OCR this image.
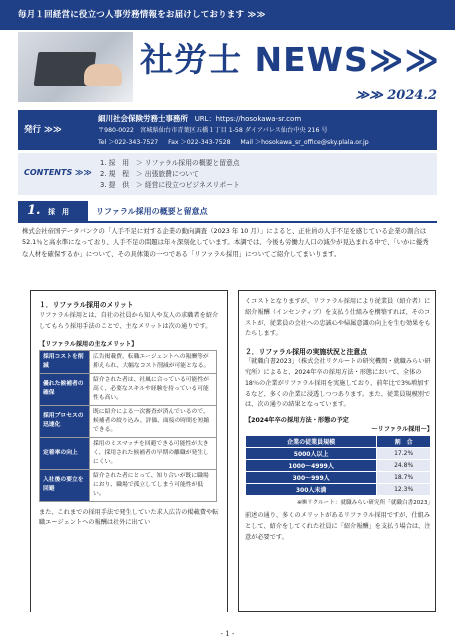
毎月１回経営に役立つ人事労務情報をお届けしております ≫≫
社労士 NEWS≫≫
≫≫ 2024.2
発行 ≫≫
細川社会保険労務士事務所 URL：https://hosokawa-sr.com
〒980-0022　宮城県仙台市青葉区五橋１丁目 1-58 ダイアパレス仙台中央 216 号
Tel ＞022-343-7527 Fax ＞022-343-7528 Mail ＞hosokawa_sr_office@sky.plala.or.jp
CONTENTS ≫≫
1. 採　用　＞ リファラル採用の概要と留意点
2. 規　程　＞ 出張旅費について
3. 提　供　＞ 経営に役立つビジネスリポート
1. 採　用	リファラル採用の概要と留意点

株式会社帝国データバンクの「人手不足に対する企業の動向調査（2023 年 10 月）」によると、正社員の人手不足を感じている企業の割合は 52.1％と高水準になっており、人手不足の問題は年々深刻化しています。本調では、今後も労働力人口の減少が見込まれる中で、「いかに優秀な人材を確保するか」について、その具体策の一つである「リファラル採用」についてご紹介してまいります。

１．リファラル採用のメリット

リファラル採用とは、自社の社員から知人や友人の求職者を紹介してもらう採用手法のことで、主なメリットは次の通りです。

【リファラル採用の主なメリット】
採用コストを削減	広告掲載費、転職エージェントへの報酬等が抑えられ、大幅なコスト削減が可能となる。
優れた候補者の確保	紹介された者は、社風に合っている可能性が高く、必要なスキルや経験を持っている可能性も高い。
採用プロセスの迅速化	既に紹介による一次審査が済んでいるので、候補者の絞り込み、評価、面接の時間を短縮できる。
定着率の向上	採用のミスマッチを回避できる可能性が大きく、採用された候補者の早期の離職が発生しにくい。
入社後の要立を回避	紹介された者にとって、知り合いが既に職場におり、職場で孤立してしまう可能性が低い。

また、これまでの採用手法で発生していた求人広告の掲載費や転職エージェントへの報酬は社外に出てい

くコストとなりますが、リファラル採用により従業員（紹介者）に紹介報酬（インセンティブ）を支払う仕組みを構築すれば、そのコストが、従業員の会社への忠誠心や帰属意識の向上を生む効果をもたらします。

２．リファラル採用の実施状況と注意点

「就職白書2023」（株式会社リクルートの研究機関・就職みらい研究所）によると、2024年卒の採用方法・形態において、全体の18％の企業がリファラル採用を実施しており、前年比で3%増加するなど、多くの企業に浸透しつつあります。また、従業員規模別では、次の通りの結果となっています。

【2024年卒の採用方法・形態の予定
～リファラル採用～】
企業の従業員規模	割　合
5000人以上	17.2%
1000～4999人	24.8%
300～999人	18.7%
300人未満	12.3%
※㈱リクルート：就職みらい研究所「就職白書2023」

前述の通り、多くのメリットがあるリファラル採用ですが、仕組みとして、紹介をしてくれた社員に「紹介報酬」を支払う場合は、注意が必要です。

- 1 -
